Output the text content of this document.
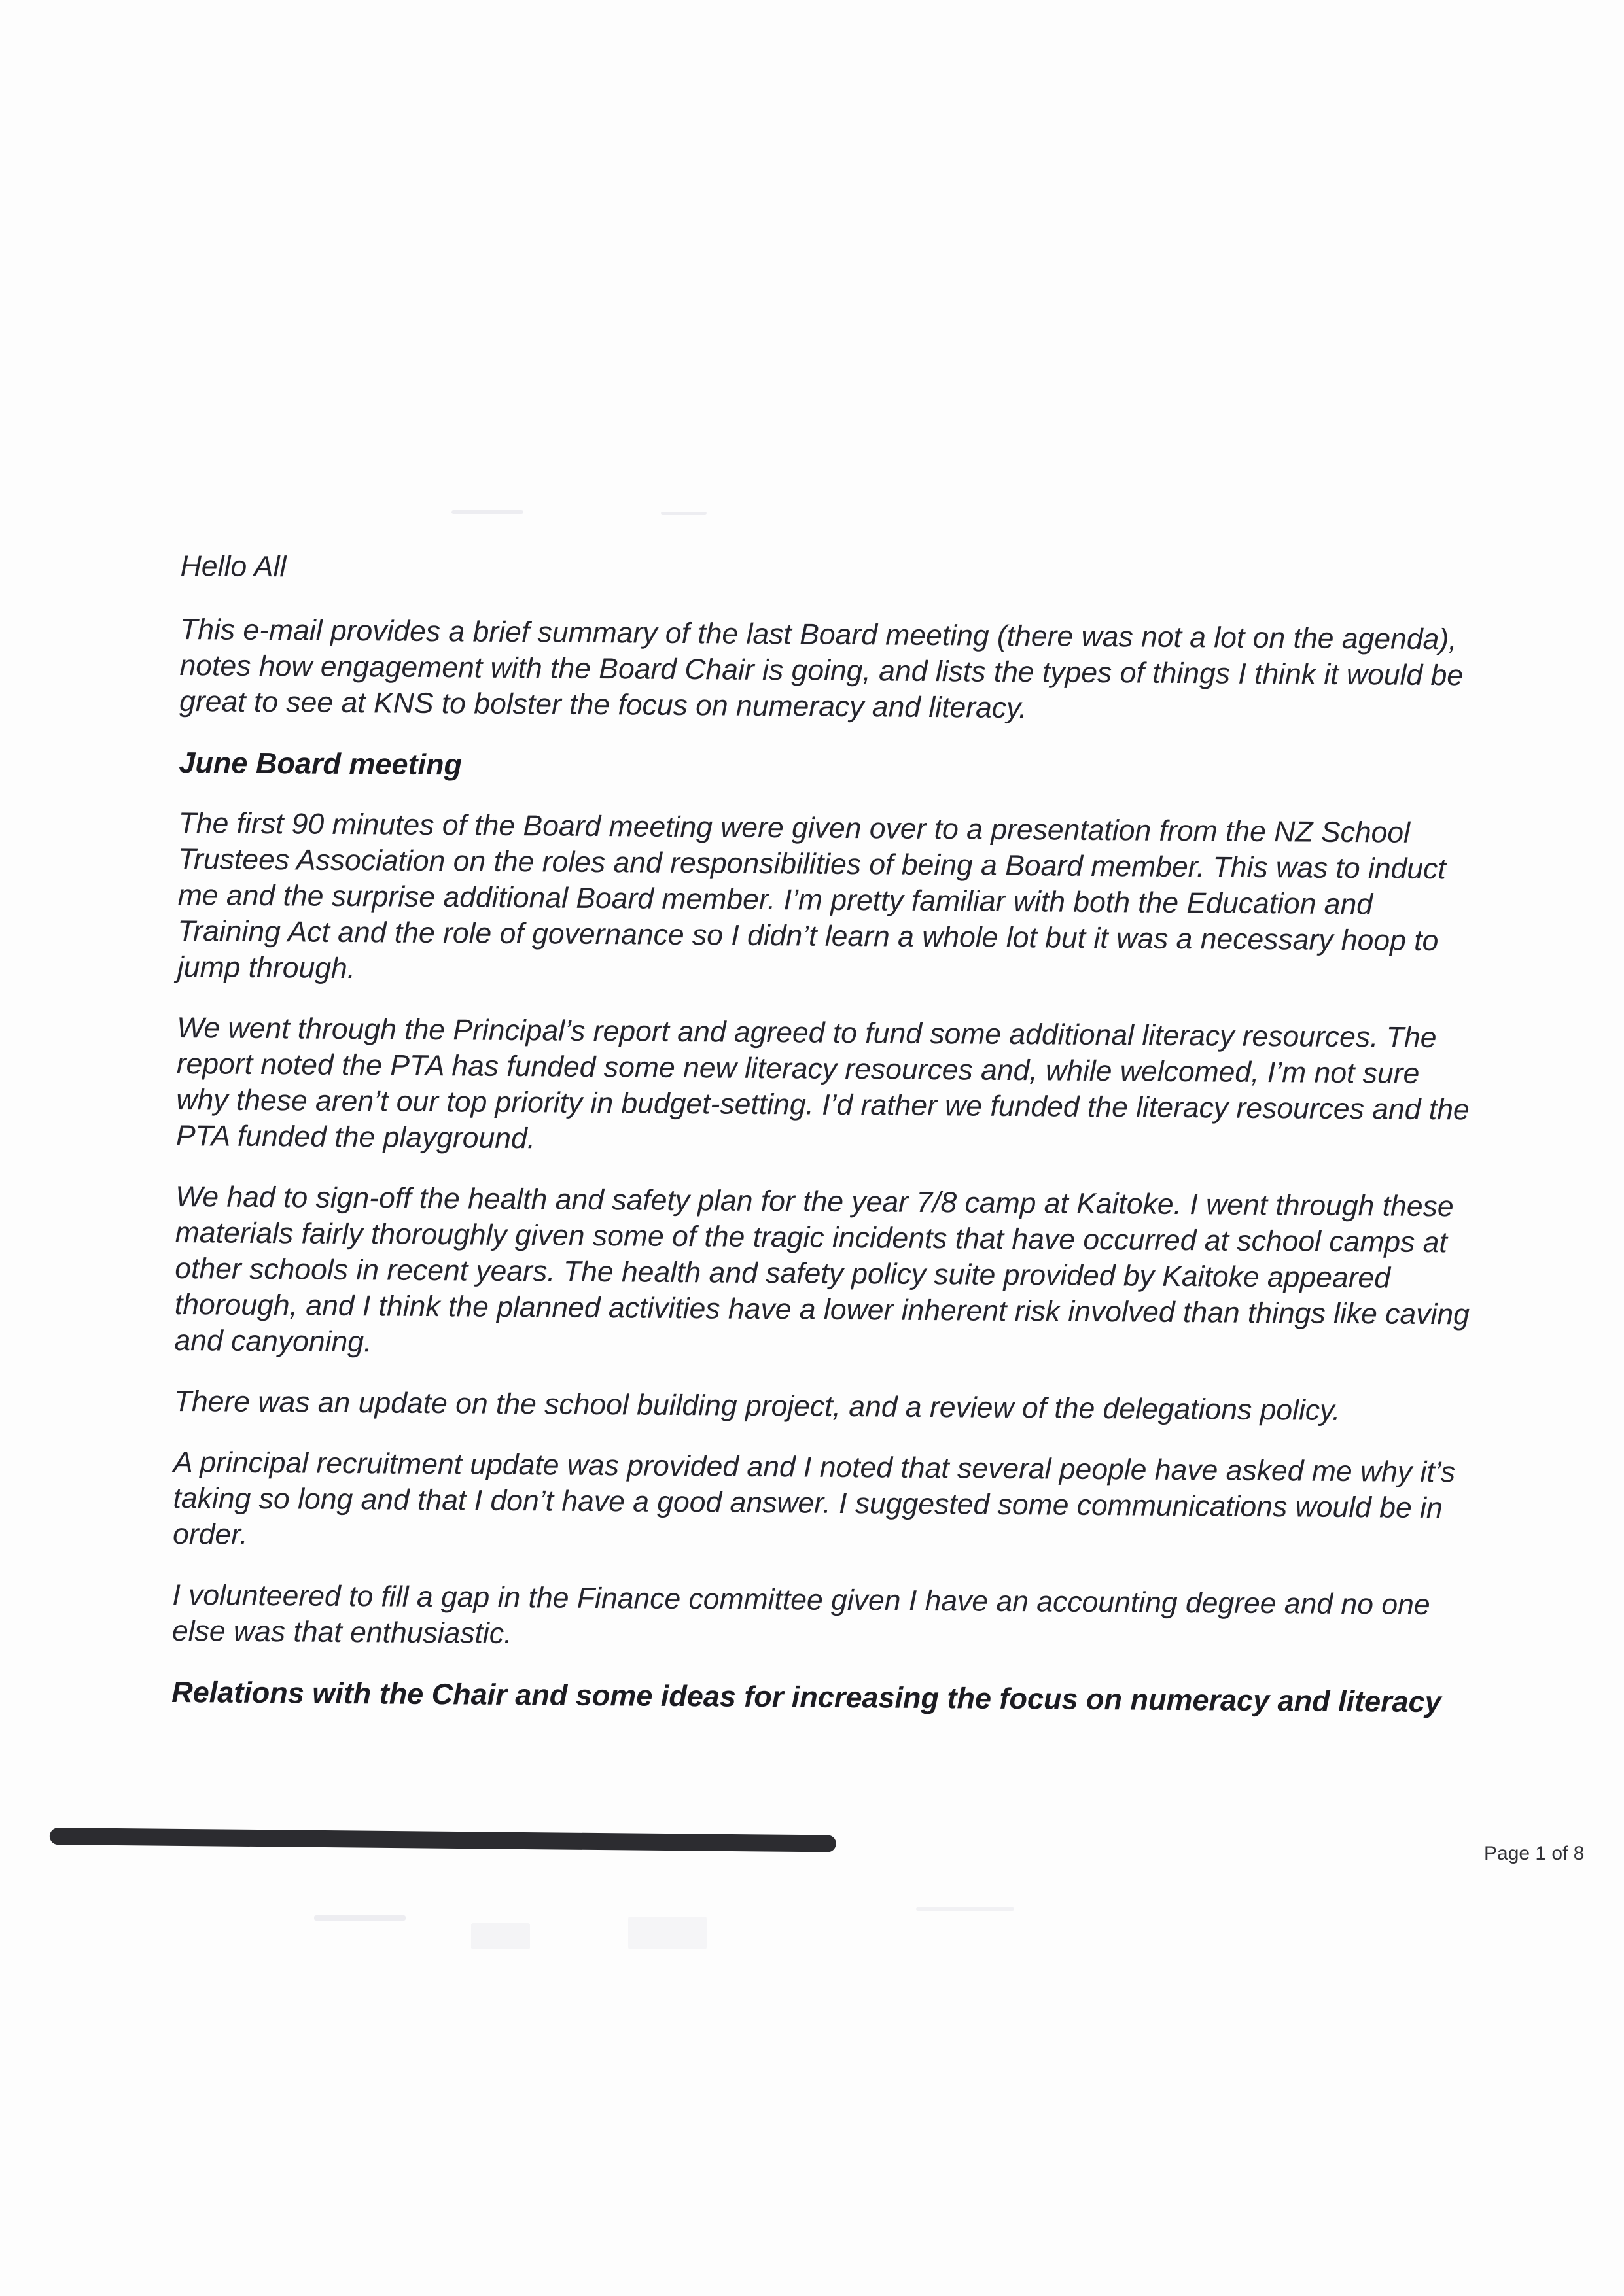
Hello All

This e-mail provides a brief summary of the last Board meeting (there was not a lot on the agenda), notes how engagement with the Board Chair is going, and lists the types of things I think it would be great to see at KNS to bolster the focus on numeracy and literacy.

June Board meeting

The first 90 minutes of the Board meeting were given over to a presentation from the NZ School Trustees Association on the roles and responsibilities of being a Board member. This was to induct me and the surprise additional Board member. I’m pretty familiar with both the Education and Training Act and the role of governance so I didn’t learn a whole lot but it was a necessary hoop to jump through.

We went through the Principal’s report and agreed to fund some additional literacy resources. The report noted the PTA has funded some new literacy resources and, while welcomed, I’m not sure why these aren’t our top priority in budget-setting. I’d rather we funded the literacy resources and the PTA funded the playground.

We had to sign-off the health and safety plan for the year 7/8 camp at Kaitoke. I went through these materials fairly thoroughly given some of the tragic incidents that have occurred at school camps at other schools in recent years. The health and safety policy suite provided by Kaitoke appeared thorough, and I think the planned activities have a lower inherent risk involved than things like caving and canyoning.

There was an update on the school building project, and a review of the delegations policy.

A principal recruitment update was provided and I noted that several people have asked me why it’s taking so long and that I don’t have a good answer. I suggested some communications would be in order.

I volunteered to fill a gap in the Finance committee given I have an accounting degree and no one else was that enthusiastic.

Relations with the Chair and some ideas for increasing the focus on numeracy and literacy

Page 1 of 8
